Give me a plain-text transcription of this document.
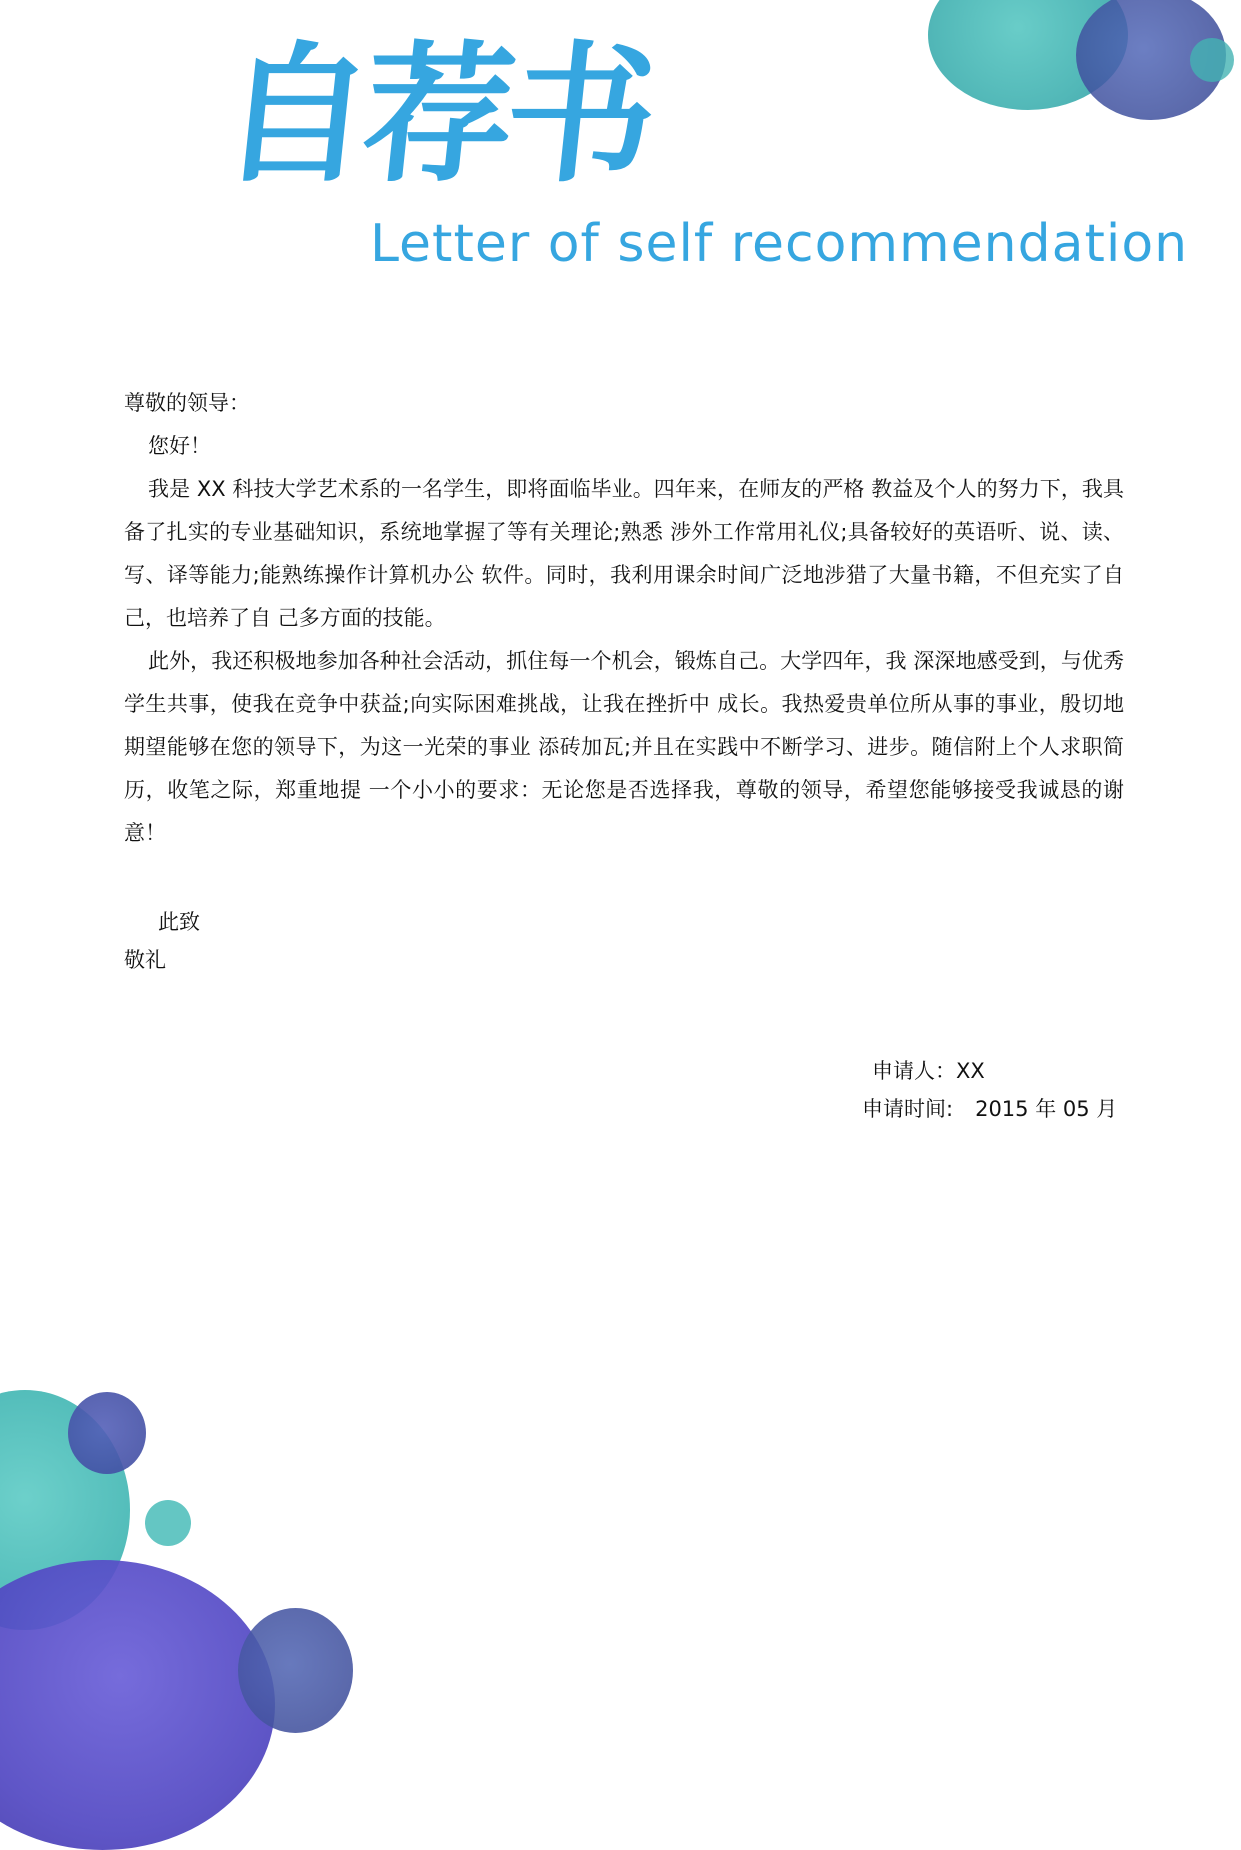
自荐书
Letter of self recommendation
尊敬的领导：
您好！
我是 XX 科技大学艺术系的一名学生，即将面临毕业。四年来，在师友的严格 教益及个人的努力下，我具备了扎实的专业基础知识，系统地掌握了等有关理论;熟悉 涉外工作常用礼仪;具备较好的英语听、说、读、写、译等能力;能熟练操作计算机办公 软件。同时，我利用课余时间广泛地涉猎了大量书籍，不但充实了自己，也培养了自 己多方面的技能。
此外，我还积极地参加各种社会活动，抓住每一个机会，锻炼自己。大学四年，我 深深地感受到，与优秀学生共事，使我在竞争中获益;向实际困难挑战，让我在挫折中 成长。我热爱贵单位所从事的事业，殷切地期望能够在您的领导下，为这一光荣的事业 添砖加瓦;并且在实践中不断学习、进步。随信附上个人求职简历，收笔之际，郑重地提 一个小小的要求：无论您是否选择我，尊敬的领导，希望您能够接受我诚恳的谢意！
此致
敬礼
申请人：XX
申请时间: 2015 年 05 月
